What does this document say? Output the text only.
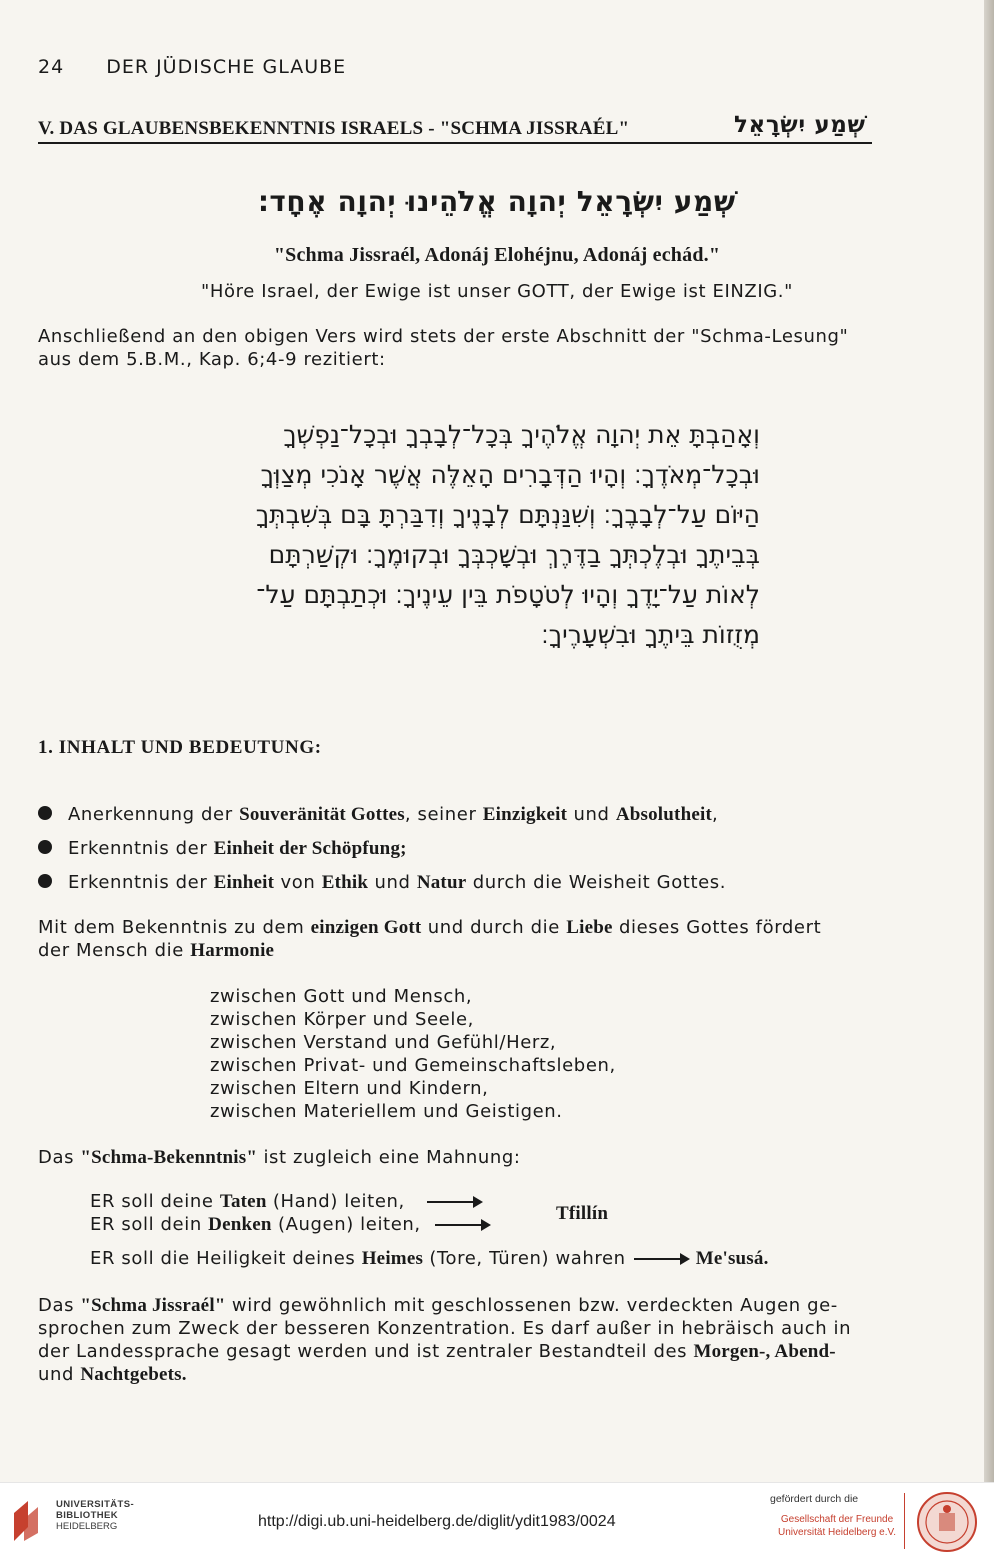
24 DER JÜDISCHE GLAUBE
V. DAS GLAUBENSBEKENNTNIS ISRAELS - "SCHMA JISSRAÉL"	שְׁמַע יִשְׂרָאֵל
שְׁמַע יִשְׂרָאֵל יְהוָה אֱלֹהֵינוּ יְהוָה אֶחָד׃
"Schma Jissraél, Adonáj Elohéjnu, Adonáj echád."
"Höre Israel, der Ewige ist unser GOTT, der Ewige ist EINZIG."
Anschließend an den obigen Vers wird stets der erste Abschnitt der "Schma-Lesung"
aus dem 5.B.M., Kap. 6;4-9 rezitiert:
וְאָהַבְתָּ אֵת יְהוָה אֱלֹהֶיךָ בְּכָל־לְבָבְךָ וּבְכָל־נַפְשְׁךָ
וּבְכָל־מְאֹדֶךָ׃ וְהָיוּ הַדְּבָרִים הָאֵלֶּה אֲשֶׁר אָנֹכִי מְצַוְּךָ
הַיּוֹם עַל־לְבָבֶךָ׃ וְשִׁנַּנְתָּם לְבָנֶיךָ וְדִבַּרְתָּ בָּם בְּשִׁבְתְּךָ
בְּבֵיתֶךָ וּבְלֶכְתְּךָ בַדֶּרֶךְ וּבְשָׁכְבְּךָ וּבְקוּמֶךָ׃ וּקְשַׁרְתָּם
לְאוֹת עַל־יָדֶךָ וְהָיוּ לְטֹטָפֹת בֵּין עֵינֶיךָ׃ וּכְתַבְתָּם עַל־
מְזֻזוֹת בֵּיתֶךָ וּבִשְׁעָרֶיךָ׃
1. INHALT UND BEDEUTUNG:
Anerkennung der Souveränität Gottes, seiner Einzigkeit und Absolutheit,
Erkenntnis der Einheit der Schöpfung;
Erkenntnis der Einheit von Ethik und Natur durch die Weisheit Gottes.
Mit dem Bekenntnis zu dem einzigen Gott und durch die Liebe dieses Gottes fördert
der Mensch die Harmonie
zwischen Gott und Mensch,
zwischen Körper und Seele,
zwischen Verstand und Gefühl/Herz,
zwischen Privat- und Gemeinschaftsleben,
zwischen Eltern und Kindern,
zwischen Materiellem und Geistigen.
Das "Schma-Bekenntnis" ist zugleich eine Mahnung:
ER soll deine Taten (Hand) leiten,
ER soll dein Denken (Augen) leiten,
Tfillín
ER soll die Heiligkeit deines Heimes (Tore, Türen) wahren	Me'susá.
Das "Schma Jissraél" wird gewöhnlich mit geschlossenen bzw. verdeckten Augen ge-
sprochen zum Zweck der besseren Konzentration. Es darf außer in hebräisch auch in
der Landessprache gesagt werden und ist zentraler Bestandteil des Morgen-, Abend-
und Nachtgebets.
UNIVERSITÄTS-
BIBLIOTHEK
HEIDELBERG	http://digi.ub.uni-heidelberg.de/diglit/ydit1983/0024
gefördert durch die
Gesellschaft der Freunde
Universität Heidelberg e.V.
